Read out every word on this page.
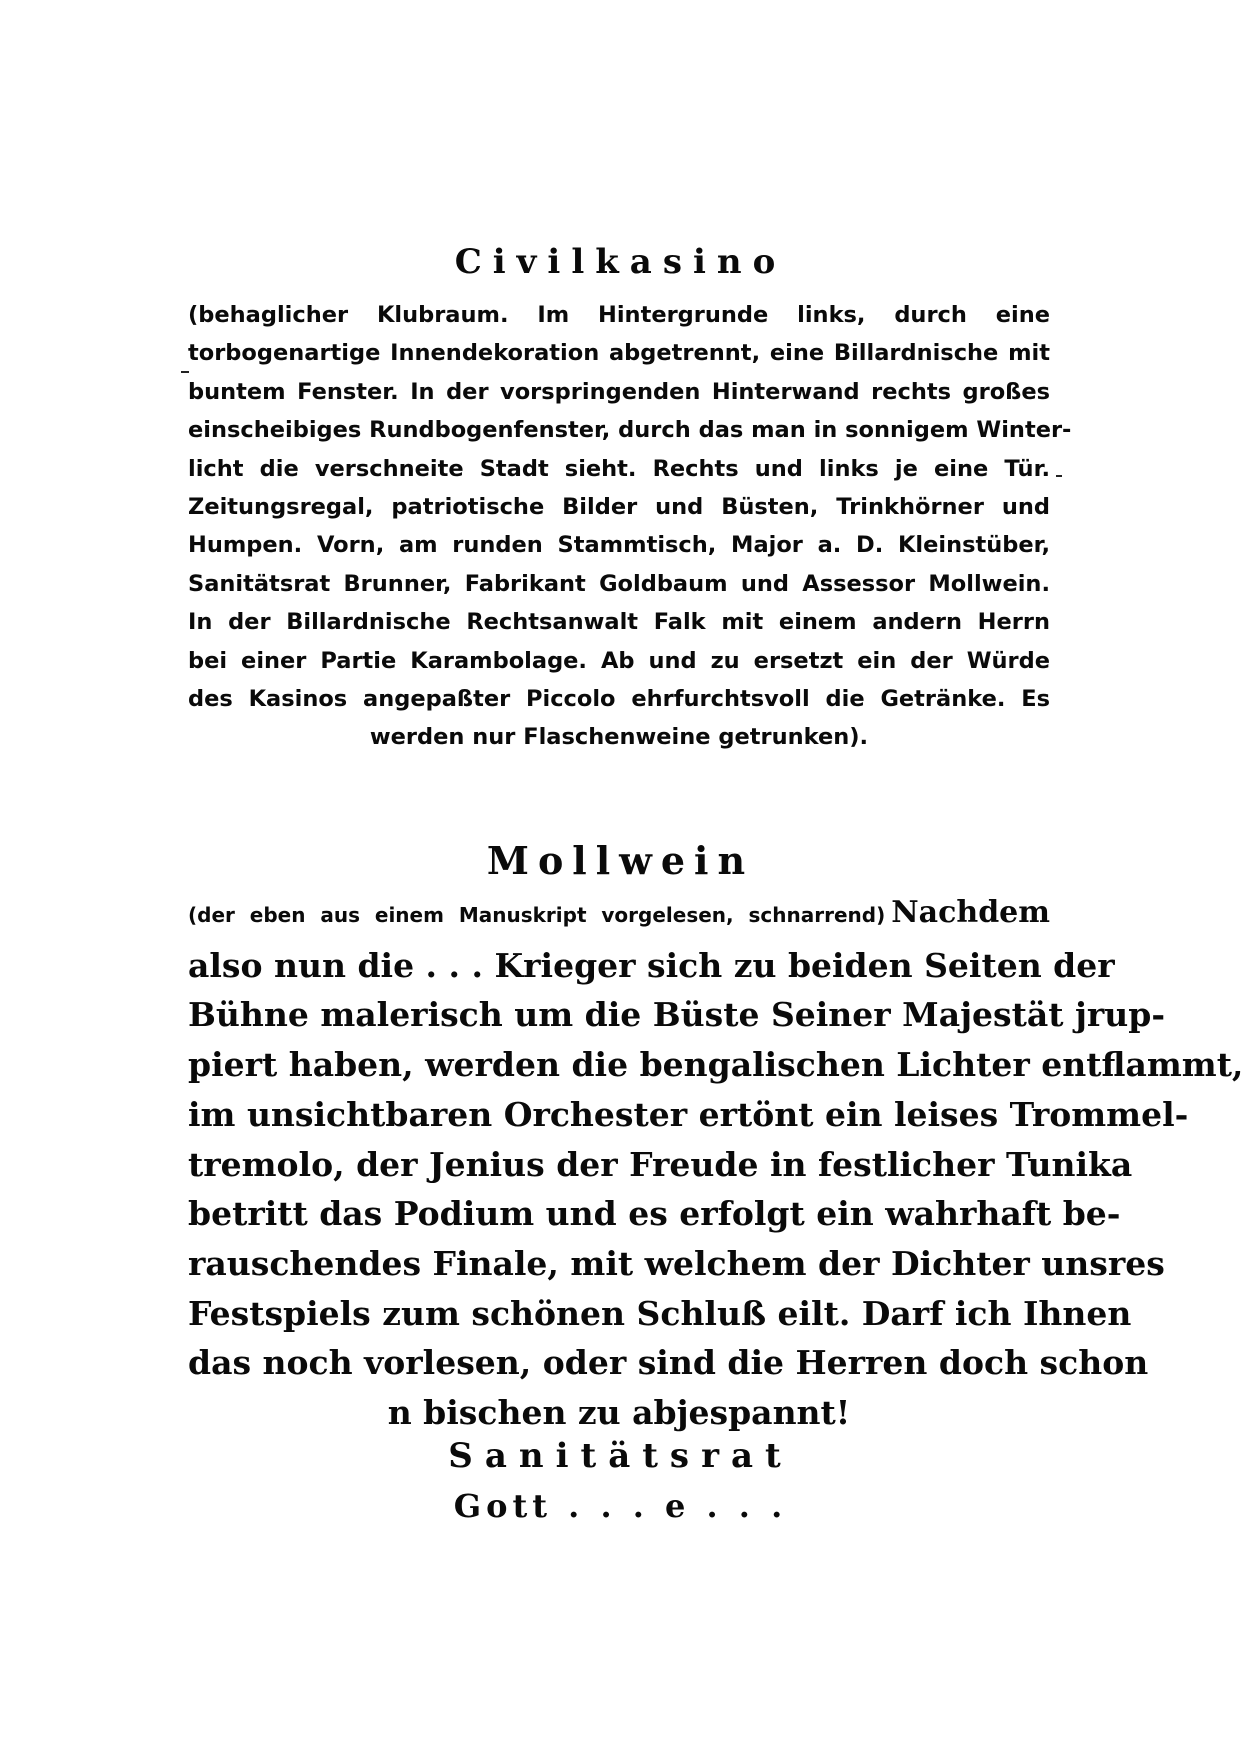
Civilkasino
(behaglicher Klubraum. Im Hintergrunde links, durch eine
torbogenartige Innendekoration abgetrennt, eine Billardnische mit
buntem Fenster. In der vorspringenden Hinterwand rechts großes
einscheibiges Rundbogenfenster, durch das man in sonnigem Winter-
licht die verschneite Stadt sieht. Rechts und links je eine Tür.
Zeitungsregal, patriotische Bilder und Büsten, Trinkhörner und
Humpen. Vorn, am runden Stammtisch, Major a. D. Kleinstüber,
Sanitätsrat Brunner, Fabrikant Goldbaum und Assessor Mollwein.
In der Billardnische Rechtsanwalt Falk mit einem andern Herrn
bei einer Partie Karambolage. Ab und zu ersetzt ein der Würde
des Kasinos angepaßter Piccolo ehrfurchtsvoll die Getränke. Es
werden nur Flaschenweine getrunken).
Mollwein
(der eben aus einem Manuskript vorgelesen, schnarrend) Nachdem
also nun die . . . Krieger sich zu beiden Seiten der
Bühne malerisch um die Büste Seiner Majestät jrup-
piert haben, werden die bengalischen Lichter entflammt,
im unsichtbaren Orchester ertönt ein leises Trommel-
tremolo, der Jenius der Freude in festlicher Tunika
betritt das Podium und es erfolgt ein wahrhaft be-
rauschendes Finale, mit welchem der Dichter unsres
Festspiels zum schönen Schluß eilt. Darf ich Ihnen
das noch vorlesen, oder sind die Herren doch schon
n bischen zu abjespannt!
Sanitätsrat
Gott . . . e . . .
